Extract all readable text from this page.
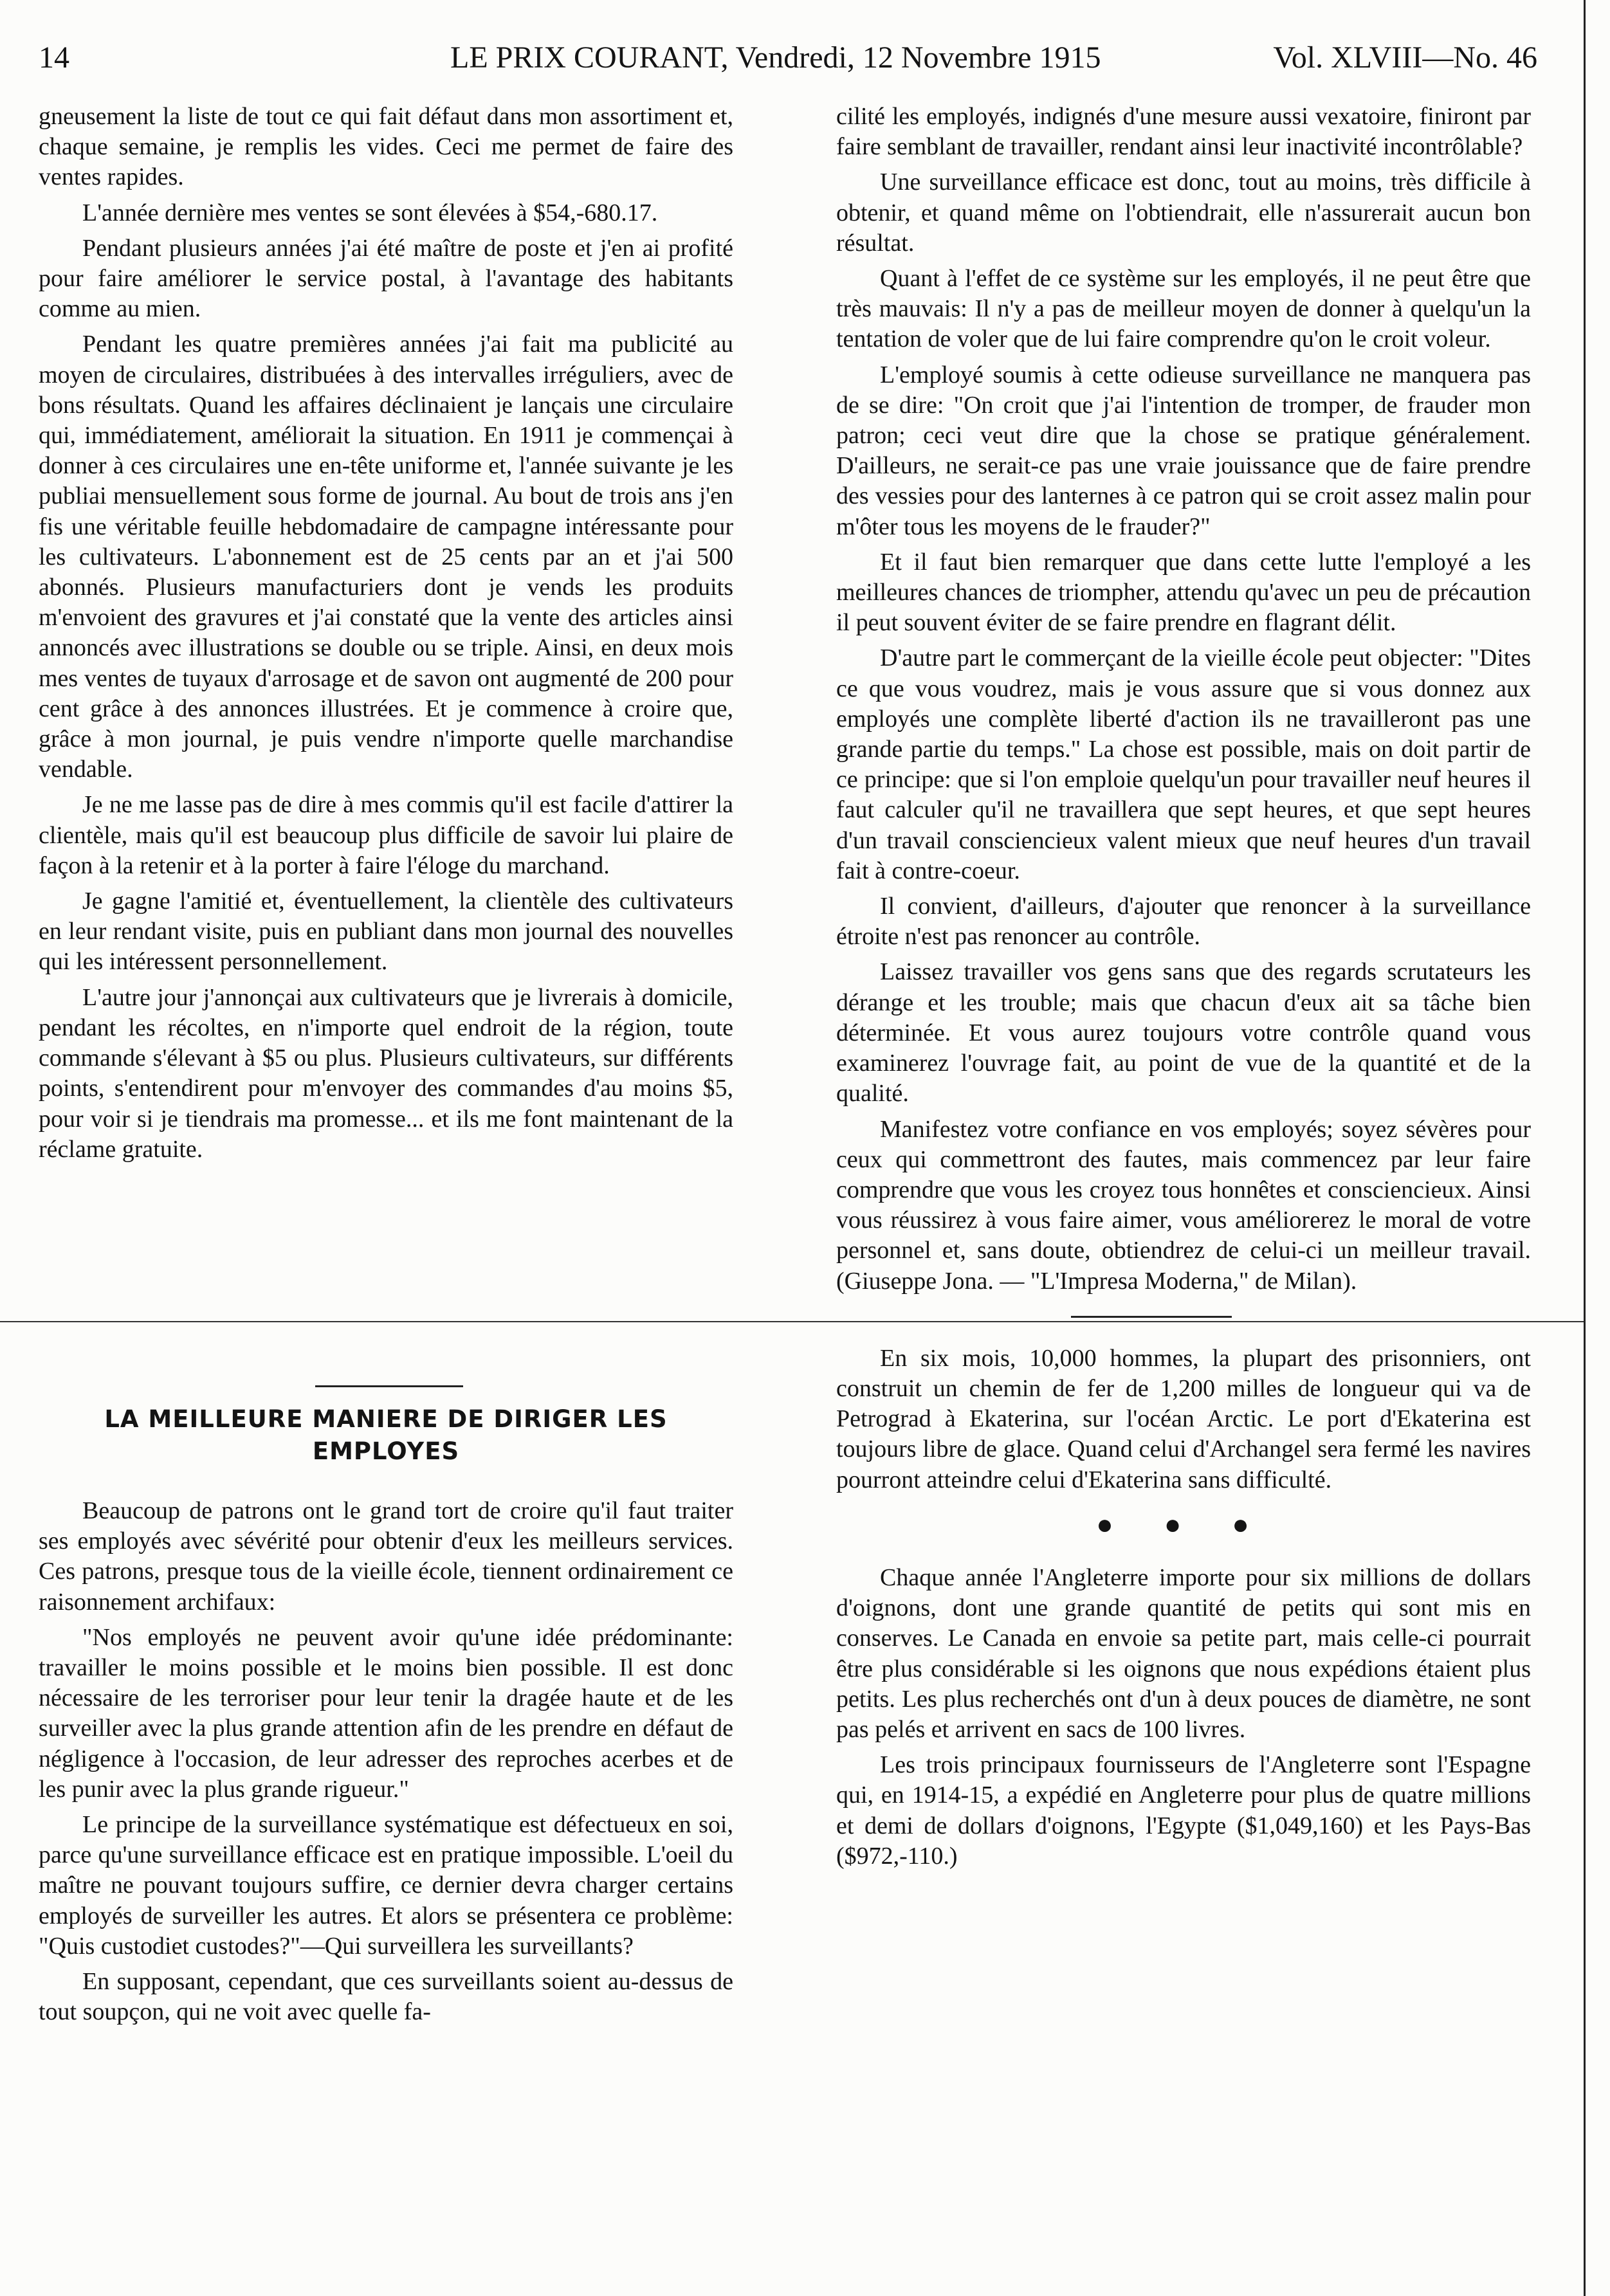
14	LE PRIX COURANT, Vendredi, 12 Novembre 1915	Vol. XLVIII—No. 46

gneusement la liste de tout ce qui fait défaut dans mon assortiment et, chaque semaine, je remplis les vides. Ceci me permet de faire des ventes rapides.

L'année dernière mes ventes se sont élevées à $54,-680.17.

Pendant plusieurs années j'ai été maître de poste et j'en ai profité pour faire améliorer le service postal, à l'avantage des habitants comme au mien.

Pendant les quatre premières années j'ai fait ma publicité au moyen de circulaires, distribuées à des intervalles irréguliers, avec de bons résultats. Quand les affaires déclinaient je lançais une circulaire qui, immédiatement, améliorait la situation. En 1911 je commençai à donner à ces circulaires une en-tête uniforme et, l'année suivante je les publiai mensuellement sous forme de journal. Au bout de trois ans j'en fis une véritable feuille hebdomadaire de campagne intéressante pour les cultivateurs. L'abonnement est de 25 cents par an et j'ai 500 abonnés. Plusieurs manufacturiers dont je vends les produits m'envoient des gravures et j'ai constaté que la vente des articles ainsi annoncés avec illustrations se double ou se triple. Ainsi, en deux mois mes ventes de tuyaux d'arrosage et de savon ont augmenté de 200 pour cent grâce à des annonces illustrées. Et je commence à croire que, grâce à mon journal, je puis vendre n'importe quelle marchandise vendable.

Je ne me lasse pas de dire à mes commis qu'il est facile d'attirer la clientèle, mais qu'il est beaucoup plus difficile de savoir lui plaire de façon à la retenir et à la porter à faire l'éloge du marchand.

Je gagne l'amitié et, éventuellement, la clientèle des cultivateurs en leur rendant visite, puis en publiant dans mon journal des nouvelles qui les intéressent personnellement.

L'autre jour j'annonçai aux cultivateurs que je livrerais à domicile, pendant les récoltes, en n'importe quel endroit de la région, toute commande s'élevant à $5 ou plus. Plusieurs cultivateurs, sur différents points, s'entendirent pour m'envoyer des commandes d'au moins $5, pour voir si je tiendrais ma promesse... et ils me font maintenant de la réclame gratuite.

LA MEILLEURE MANIERE DE DIRIGER LES EMPLOYES

Beaucoup de patrons ont le grand tort de croire qu'il faut traiter ses employés avec sévérité pour obtenir d'eux les meilleurs services. Ces patrons, presque tous de la vieille école, tiennent ordinairement ce raisonnement archifaux:

"Nos employés ne peuvent avoir qu'une idée prédominante: travailler le moins possible et le moins bien possible. Il est donc nécessaire de les terroriser pour leur tenir la dragée haute et de les surveiller avec la plus grande attention afin de les prendre en défaut de négligence à l'occasion, de leur adresser des reproches acerbes et de les punir avec la plus grande rigueur."

Le principe de la surveillance systématique est défectueux en soi, parce qu'une surveillance efficace est en pratique impossible. L'oeil du maître ne pouvant toujours suffire, ce dernier devra charger certains employés de surveiller les autres. Et alors se présentera ce problème: "Quis custodiet custodes?"—Qui surveillera les surveillants?

En supposant, cependant, que ces surveillants soient au-dessus de tout soupçon, qui ne voit avec quelle fa-

cilité les employés, indignés d'une mesure aussi vexatoire, finiront par faire semblant de travailler, rendant ainsi leur inactivité incontrôlable?

Une surveillance efficace est donc, tout au moins, très difficile à obtenir, et quand même on l'obtiendrait, elle n'assurerait aucun bon résultat.

Quant à l'effet de ce système sur les employés, il ne peut être que très mauvais: Il n'y a pas de meilleur moyen de donner à quelqu'un la tentation de voler que de lui faire comprendre qu'on le croit voleur.

L'employé soumis à cette odieuse surveillance ne manquera pas de se dire: "On croit que j'ai l'intention de tromper, de frauder mon patron; ceci veut dire que la chose se pratique généralement. D'ailleurs, ne serait-ce pas une vraie jouissance que de faire prendre des vessies pour des lanternes à ce patron qui se croit assez malin pour m'ôter tous les moyens de le frauder?"

Et il faut bien remarquer que dans cette lutte l'employé a les meilleures chances de triompher, attendu qu'avec un peu de précaution il peut souvent éviter de se faire prendre en flagrant délit.

D'autre part le commerçant de la vieille école peut objecter: "Dites ce que vous voudrez, mais je vous assure que si vous donnez aux employés une complète liberté d'action ils ne travailleront pas une grande partie du temps." La chose est possible, mais on doit partir de ce principe: que si l'on emploie quelqu'un pour travailler neuf heures il faut calculer qu'il ne travaillera que sept heures, et que sept heures d'un travail consciencieux valent mieux que neuf heures d'un travail fait à contre-coeur.

Il convient, d'ailleurs, d'ajouter que renoncer à la surveillance étroite n'est pas renoncer au contrôle.

Laissez travailler vos gens sans que des regards scrutateurs les dérange et les trouble; mais que chacun d'eux ait sa tâche bien déterminée. Et vous aurez toujours votre contrôle quand vous examinerez l'ouvrage fait, au point de vue de la quantité et de la qualité.

Manifestez votre confiance en vos employés; soyez sévères pour ceux qui commettront des fautes, mais commencez par leur faire comprendre que vous les croyez tous honnêtes et consciencieux. Ainsi vous réussirez à vous faire aimer, vous améliorerez le moral de votre personnel et, sans doute, obtiendrez de celui-ci un meilleur travail. (Giuseppe Jona. — "L'Impresa Moderna," de Milan).

En six mois, 10,000 hommes, la plupart des prisonniers, ont construit un chemin de fer de 1,200 milles de longueur qui va de Petrograd à Ekaterina, sur l'océan Arctic. Le port d'Ekaterina est toujours libre de glace. Quand celui d'Archangel sera fermé les navires pourront atteindre celui d'Ekaterina sans difficulté.

● ● ●

Chaque année l'Angleterre importe pour six millions de dollars d'oignons, dont une grande quantité de petits qui sont mis en conserves. Le Canada en envoie sa petite part, mais celle-ci pourrait être plus considérable si les oignons que nous expédions étaient plus petits. Les plus recherchés ont d'un à deux pouces de diamètre, ne sont pas pelés et arrivent en sacs de 100 livres.

Les trois principaux fournisseurs de l'Angleterre sont l'Espagne qui, en 1914-15, a expédié en Angleterre pour plus de quatre millions et demi de dollars d'oignons, l'Egypte ($1,049,160) et les Pays-Bas ($972,-110.)
